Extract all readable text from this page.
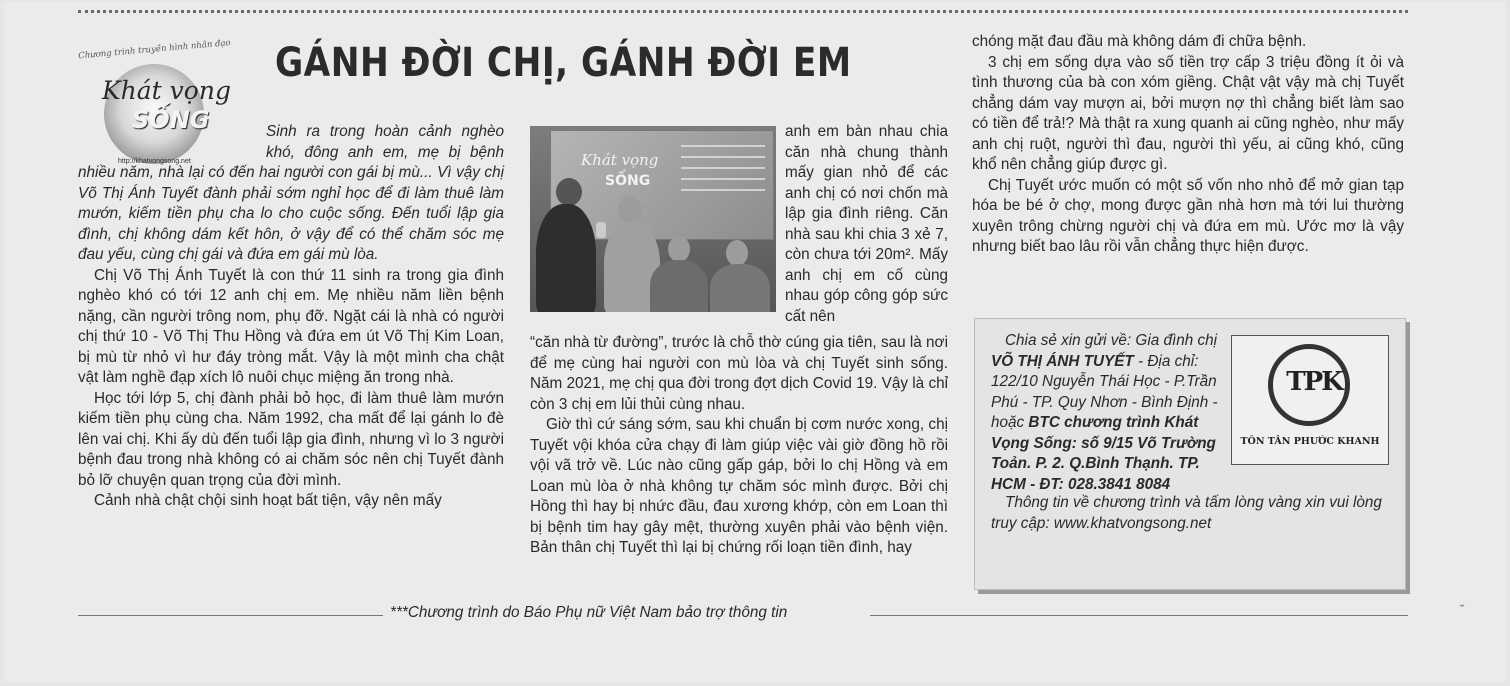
Chương trình truyền hình nhân đạo
Khát vọng
SỐNG
http://khatvongsong.net
GÁNH ĐỜI CHỊ, GÁNH ĐỜI EM

Sinh ra trong hoàn cảnh nghèo khó, đông anh em, mẹ bị bệnh nhiều năm, nhà lại có đến hai người con gái bị mù... Vì vậy chị Võ Thị Ánh Tuyết đành phải sớm nghỉ học để đi làm thuê làm mướn, kiếm tiền phụ cha lo cho cuộc sống. Đến tuổi lập gia đình, chị không dám kết hôn, ở vậy để có thể chăm sóc mẹ đau yếu, cùng chị gái và đứa em gái mù lòa.

Chị Võ Thị Ánh Tuyết là con thứ 11 sinh ra trong gia đình nghèo khó có tới 12 anh chị em. Mẹ nhiều năm liền bệnh nặng, cần người trông nom, phụ đỡ. Ngặt cái là nhà có người chị thứ 10 - Võ Thị Thu Hồng và đứa em út Võ Thị Kim Loan, bị mù từ nhỏ vì hư đáy tròng mắt. Vậy là một mình cha chật vật làm nghề đạp xích lô nuôi chục miệng ăn trong nhà.

Học tới lớp 5, chị đành phải bỏ học, đi làm thuê làm mướn kiếm tiền phụ cùng cha. Năm 1992, cha mất để lại gánh lo đè lên vai chị. Khi ấy dù đến tuổi lập gia đình, nhưng vì lo 3 người bệnh đau trong nhà không có ai chăm sóc nên chị Tuyết đành bỏ lỡ chuyện quan trọng của đời mình.

Cảnh nhà chật chội sinh hoạt bất tiện, vậy nên mấy

Khát vọng
SỐNG

anh em bàn nhau chia căn nhà chung thành mấy gian nhỏ để các anh chị có nơi chốn mà lập gia đình riêng. Căn nhà sau khi chia 3 xẻ 7, còn chưa tới 20m². Mấy anh chị em cố cùng nhau góp công góp sức cất nên

“căn nhà từ đường”, trước là chỗ thờ cúng gia tiên, sau là nơi để mẹ cùng hai người con mù lòa và chị Tuyết sinh sống. Năm 2021, mẹ chị qua đời trong đợt dịch Covid 19. Vậy là chỉ còn 3 chị em lủi thủi cùng nhau.

Giờ thì cứ sáng sớm, sau khi chuẩn bị cơm nước xong, chị Tuyết vội khóa cửa chạy đi làm giúp việc vài giờ đồng hồ rồi vội vã trở về. Lúc nào cũng gấp gáp, bởi lo chị Hồng và em Loan mù lòa ở nhà không tự chăm sóc mình được. Bởi chị Hồng thì hay bị nhức đầu, đau xương khớp, còn em Loan thì bị bệnh tim hay gây mệt, thường xuyên phải vào bệnh viện. Bản thân chị Tuyết thì lại bị chứng rối loạn tiền đình, hay

chóng mặt đau đầu mà không dám đi chữa bệnh.

3 chị em sống dựa vào số tiền trợ cấp 3 triệu đồng ít ỏi và tình thương của bà con xóm giềng. Chật vật vậy mà chị Tuyết chẳng dám vay mượn ai, bởi mượn nợ thì chẳng biết làm sao có tiền để trả!? Mà thật ra xung quanh ai cũng nghèo, như mấy anh chị ruột, người thì đau, người thì yếu, ai cũng khó, cũng khổ nên chẳng giúp được gì.

Chị Tuyết ước muốn có một số vốn nho nhỏ để mở gian tạp hóa be bé ở chợ, mong được gần nhà hơn mà tới lui thường xuyên trông chừng người chị và đứa em mù. Ước mơ là vậy nhưng biết bao lâu rồi vẫn chẳng thực hiện được.

Chia sẻ xin gửi về: Gia đình chị VÕ THỊ ÁNH TUYẾT - Địa chỉ: 122/10 Nguyễn Thái Học - P.Trần Phú - TP. Quy Nhơn - Bình Định - hoặc BTC chương trình Khát Vọng Sống: số 9/15 Võ Trường Toản. P. 2. Q.Bình Thạnh. TP. HCM - ĐT: 028.3841 8084
Thông tin về chương trình và tấm lòng vàng xin vui lòng truy cập: www.khatvongsong.net
TPK
TÔN TÂN PHƯỚC KHANH
***Chương trình do Báo Phụ nữ Việt Nam bảo trợ thông tin	ˇ
